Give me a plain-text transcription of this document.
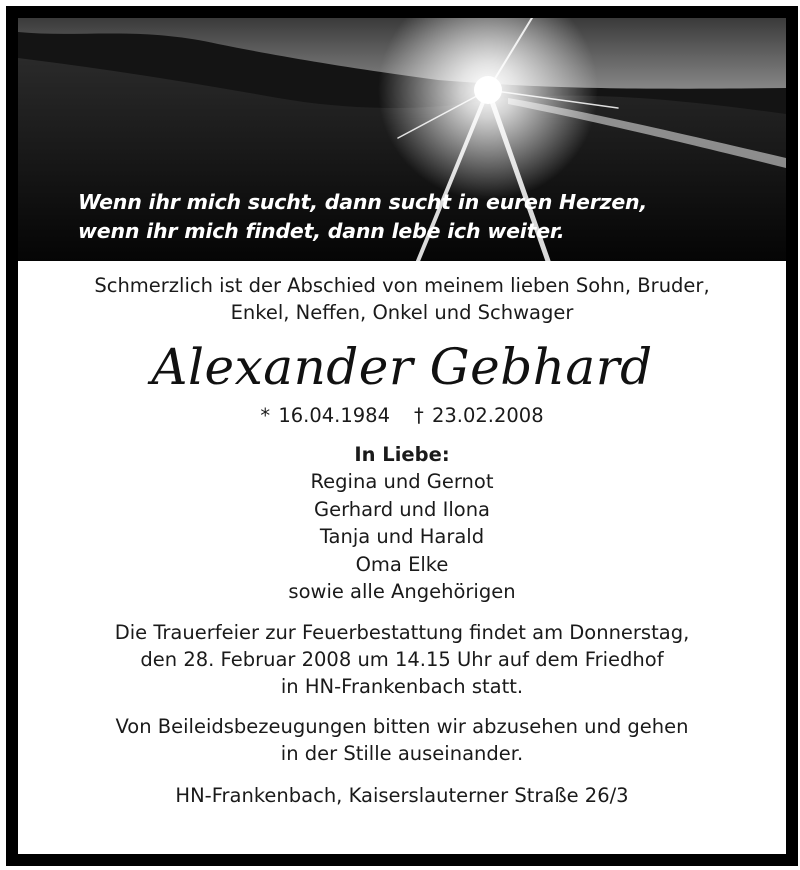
Wenn ihr mich sucht, dann sucht in euren Herzen,
wenn ihr mich findet, dann lebe ich weiter.
Schmerzlich ist der Abschied von meinem lieben Sohn, Bruder,
Enkel, Neffen, Onkel und Schwager
Alexander Gebhard
* 16.04.1984 † 23.02.2008
In Liebe:
Regina und Gernot
Gerhard und Ilona
Tanja und Harald
Oma Elke
sowie alle Angehörigen
Die Trauerfeier zur Feuerbestattung findet am Donnerstag,
den 28. Februar 2008 um 14.15 Uhr auf dem Friedhof
in HN-Frankenbach statt.
Von Beileidsbezeugungen bitten wir abzusehen und gehen
in der Stille auseinander.
HN-Frankenbach, Kaiserslauterner Straße 26/3
